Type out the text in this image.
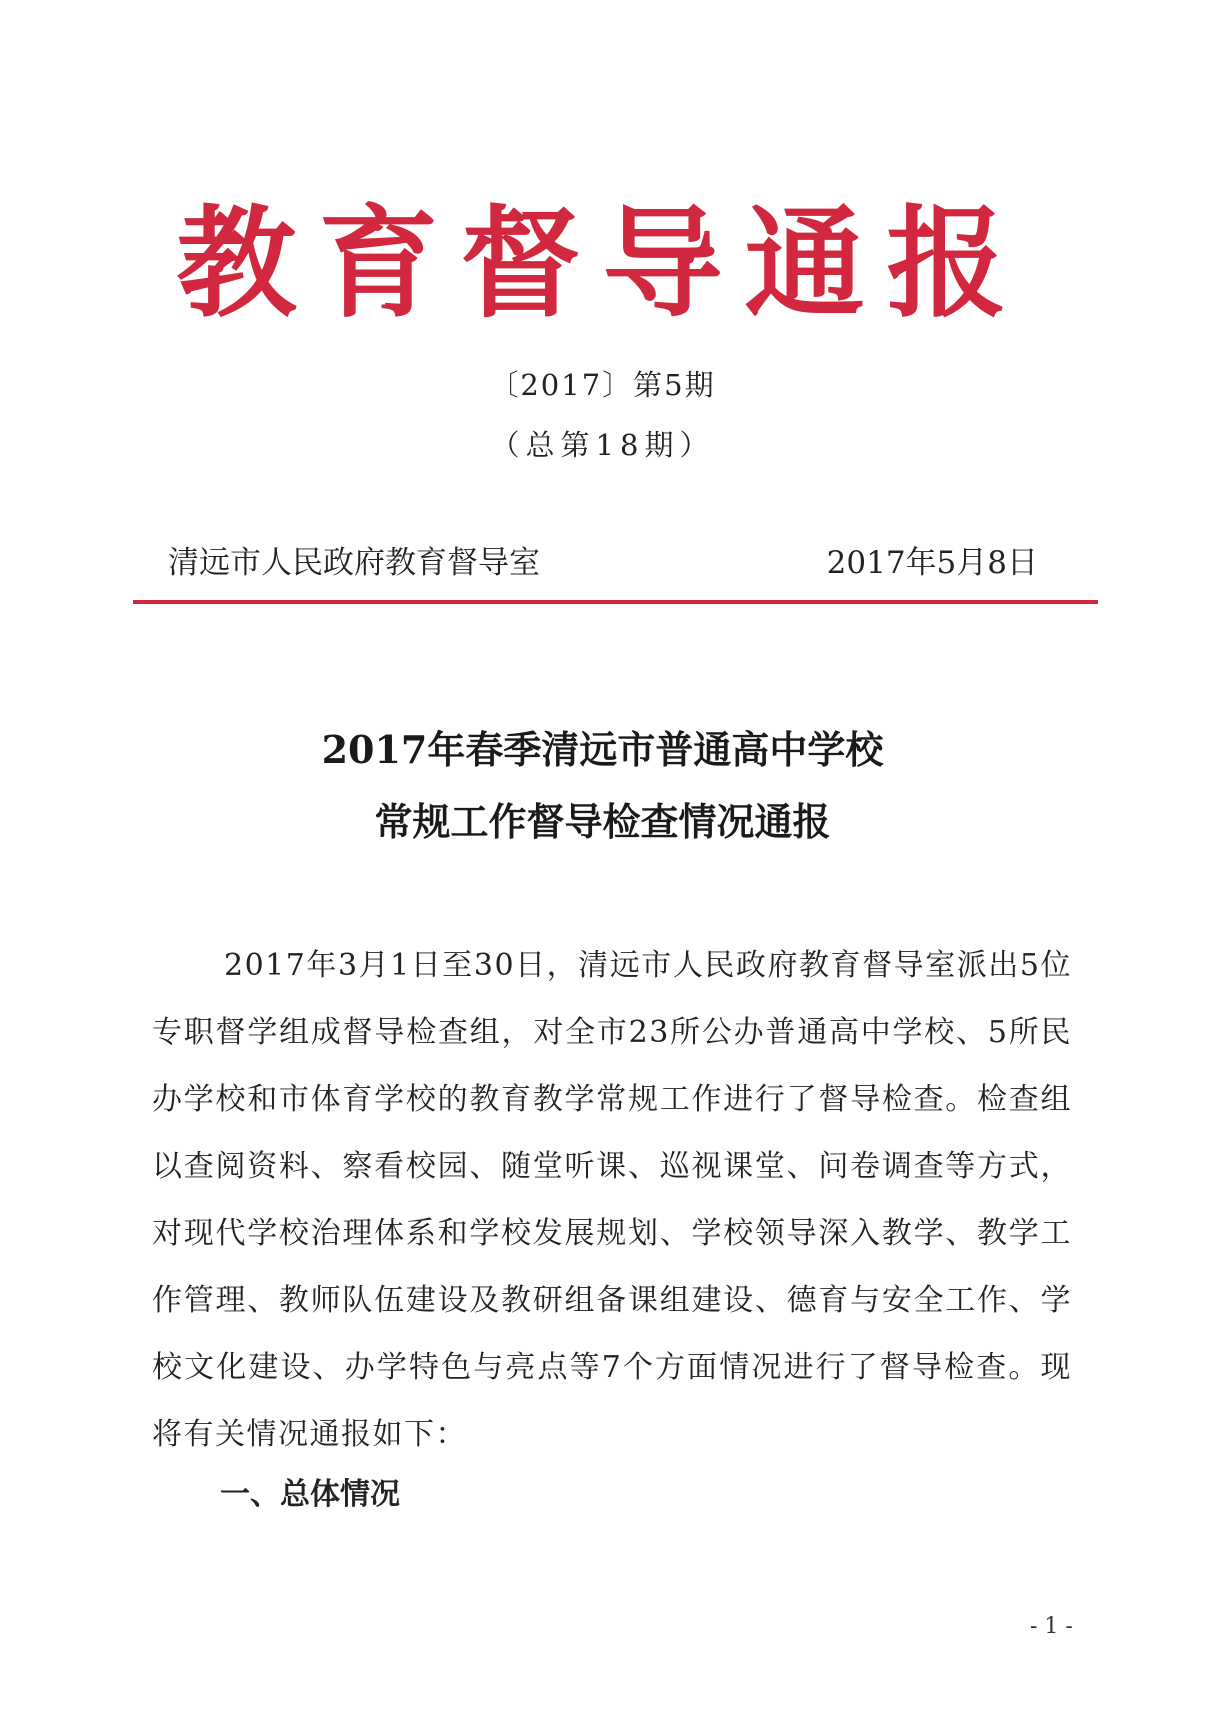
教育督导通报
〔2017〕第5期
（总第18期）
清远市人民政府教育督导室	2017年5月8日
2017年春季清远市普通高中学校
常规工作督导检查情况通报

2017年3月1日至30日，清远市人民政府教育督导室派出5位专职督学组成督导检查组，对全市23所公办普通高中学校、5所民办学校和市体育学校的教育教学常规工作进行了督导检查。检查组以查阅资料、察看校园、随堂听课、巡视课堂、问卷调查等方式，对现代学校治理体系和学校发展规划、学校领导深入教学、教学工作管理、教师队伍建设及教研组备课组建设、德育与安全工作、学校文化建设、办学特色与亮点等7个方面情况进行了督导检查。现将有关情况通报如下：

一、总体情况
- 1 -
